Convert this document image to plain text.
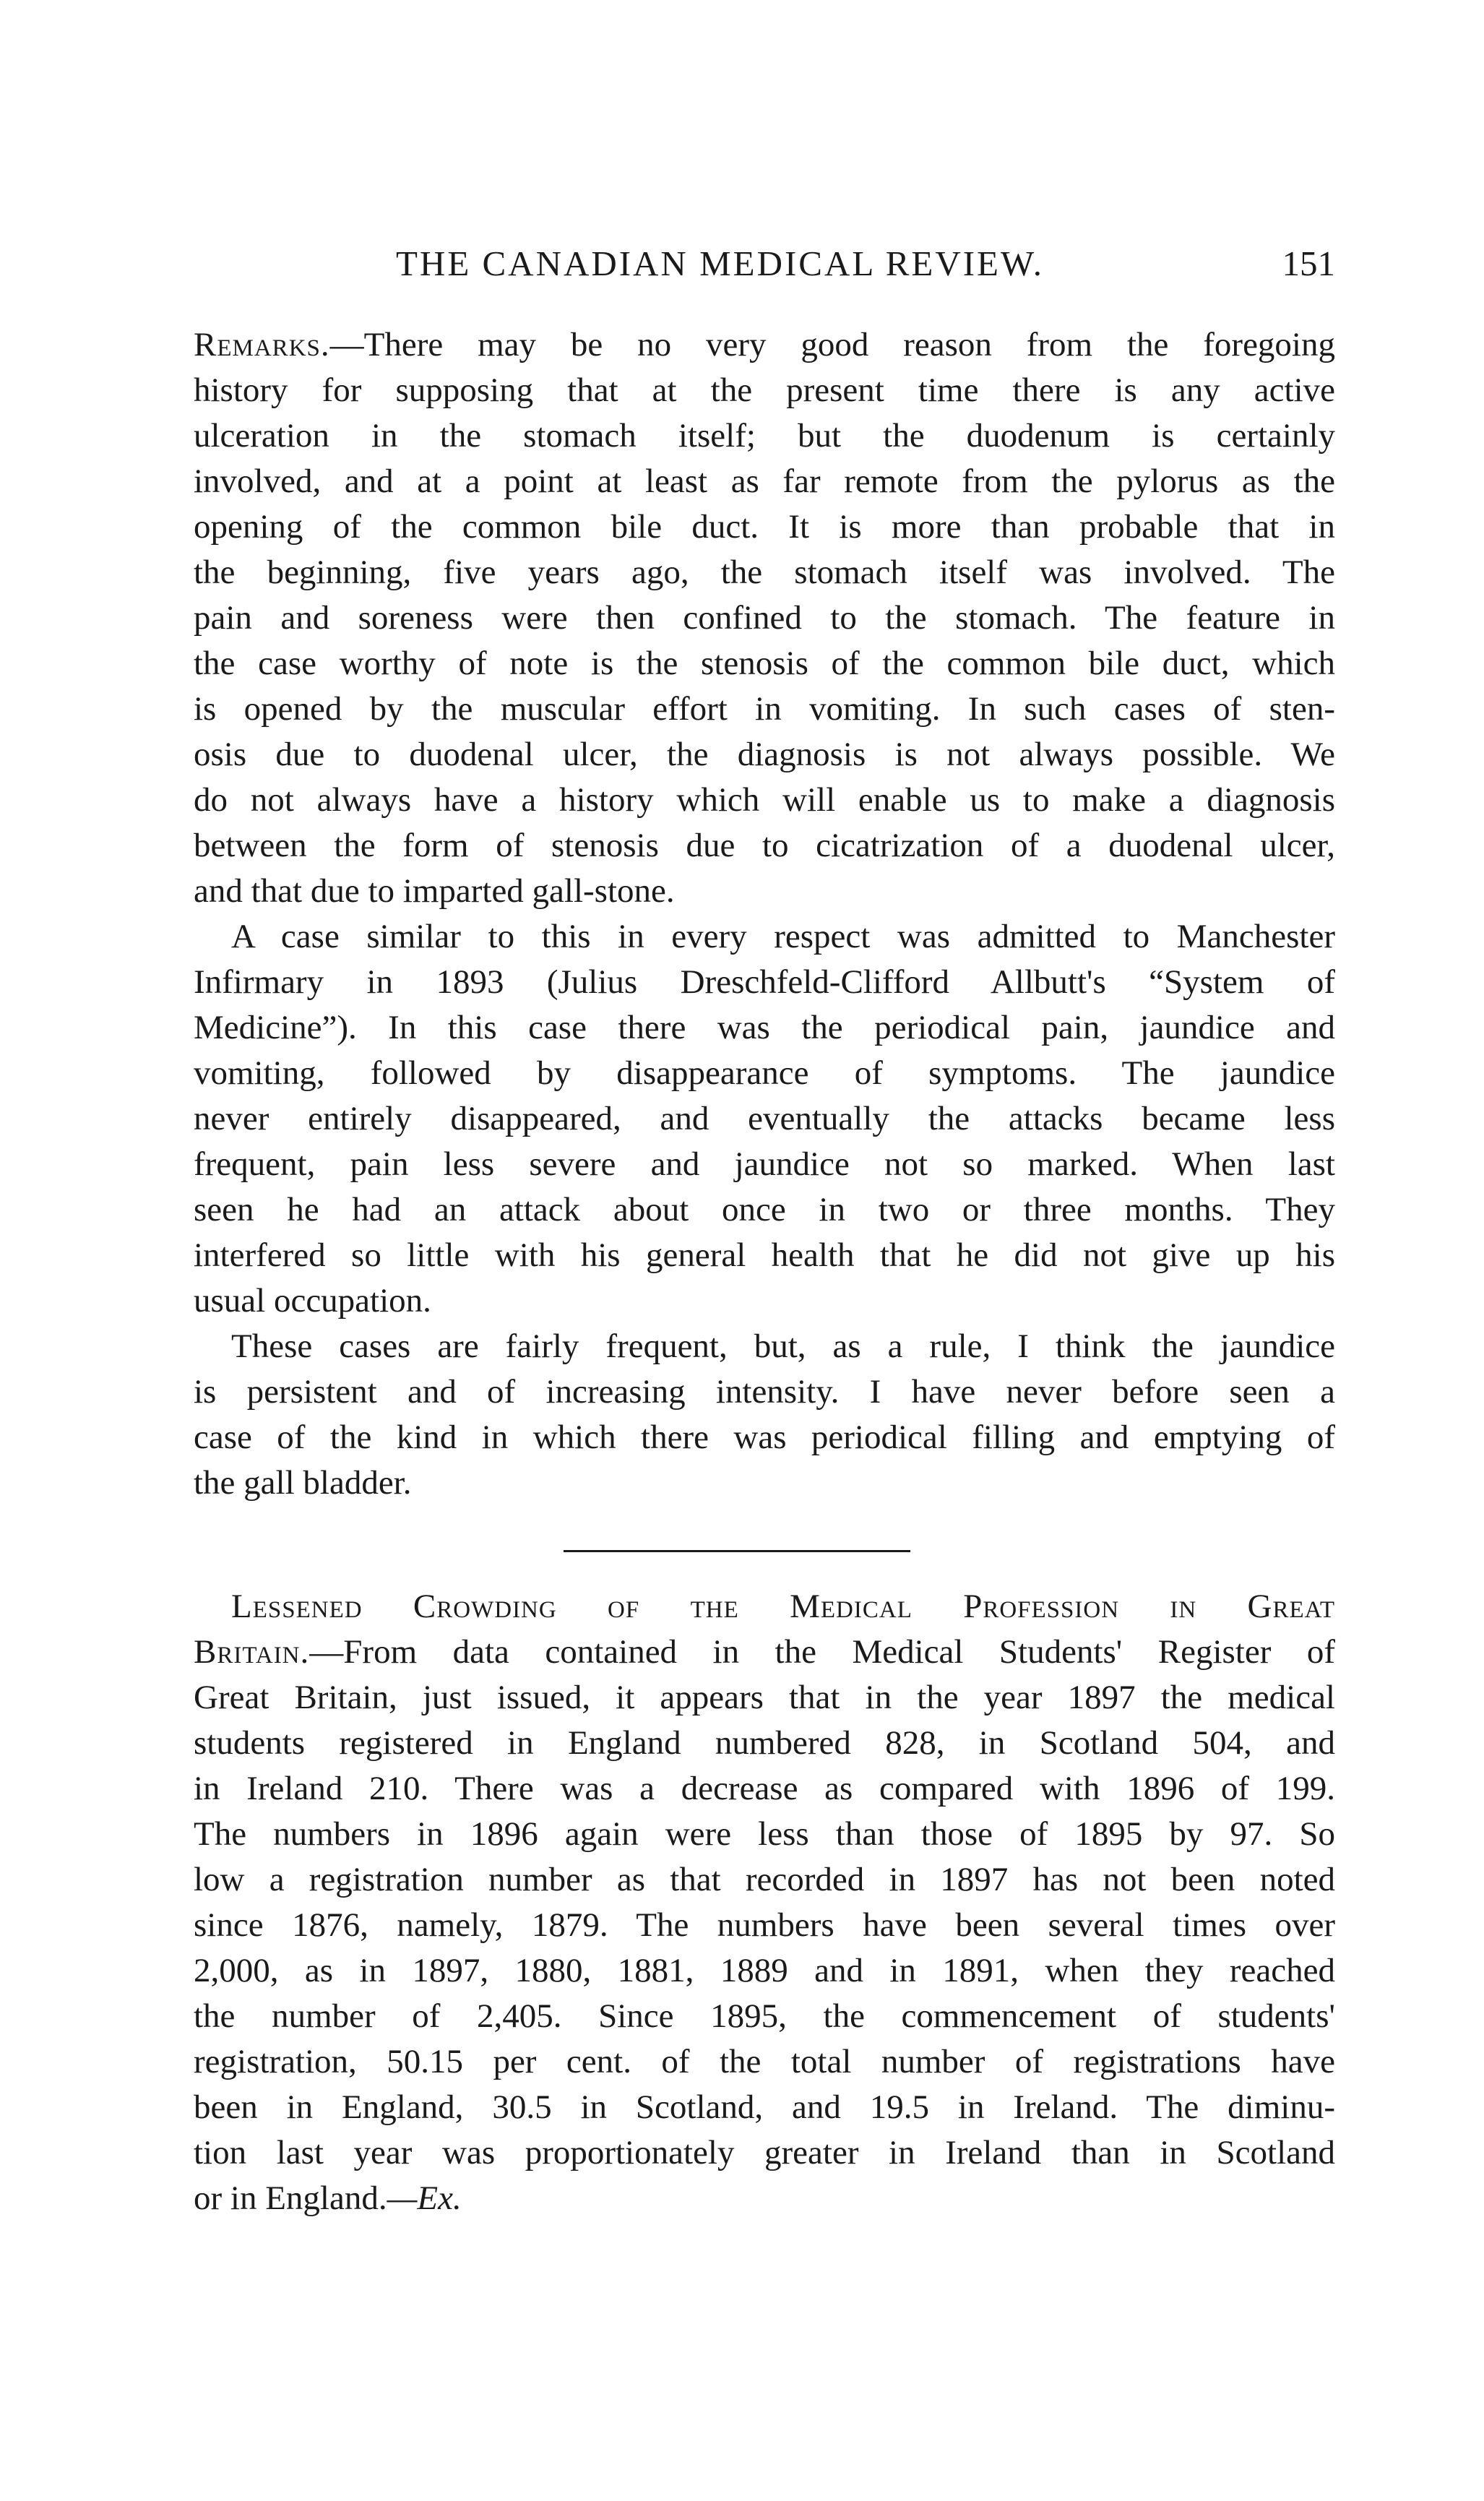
THE CANADIAN MEDICAL REVIEW.	151
Remarks.—There may be no very good reason from the foregoing
history for supposing that at the present time there is any active
ulceration in the stomach itself; but the duodenum is certainly
involved, and at a point at least as far remote from the pylorus as the
opening of the common bile duct. It is more than probable that in
the beginning, five years ago, the stomach itself was involved. The
pain and soreness were then confined to the stomach. The feature in
the case worthy of note is the stenosis of the common bile duct, which
is opened by the muscular effort in vomiting. In such cases of sten-
osis due to duodenal ulcer, the diagnosis is not always possible. We
do not always have a history which will enable us to make a diagnosis
between the form of stenosis due to cicatrization of a duodenal ulcer,
and that due to imparted gall-stone.
A case similar to this in every respect was admitted to Manchester
Infirmary in 1893 (Julius Dreschfeld-Clifford Allbutt's “System of
Medicine”). In this case there was the periodical pain, jaundice and
vomiting, followed by disappearance of symptoms. The jaundice
never entirely disappeared, and eventually the attacks became less
frequent, pain less severe and jaundice not so marked. When last
seen he had an attack about once in two or three months. They
interfered so little with his general health that he did not give up his
usual occupation.
These cases are fairly frequent, but, as a rule, I think the jaundice
is persistent and of increasing intensity. I have never before seen a
case of the kind in which there was periodical filling and emptying of
the gall bladder.
Lessened Crowding of the Medical Profession in Great
Britain.—From data contained in the Medical Students' Register of
Great Britain, just issued, it appears that in the year 1897 the medical
students registered in England numbered 828, in Scotland 504, and
in Ireland 210. There was a decrease as compared with 1896 of 199.
The numbers in 1896 again were less than those of 1895 by 97. So
low a registration number as that recorded in 1897 has not been noted
since 1876, namely, 1879. The numbers have been several times over
2,000, as in 1897, 1880, 1881, 1889 and in 1891, when they reached
the number of 2,405. Since 1895, the commencement of students'
registration, 50.15 per cent. of the total number of registrations have
been in England, 30.5 in Scotland, and 19.5 in Ireland. The diminu-
tion last year was proportionately greater in Ireland than in Scotland
or in England.—Ex.
